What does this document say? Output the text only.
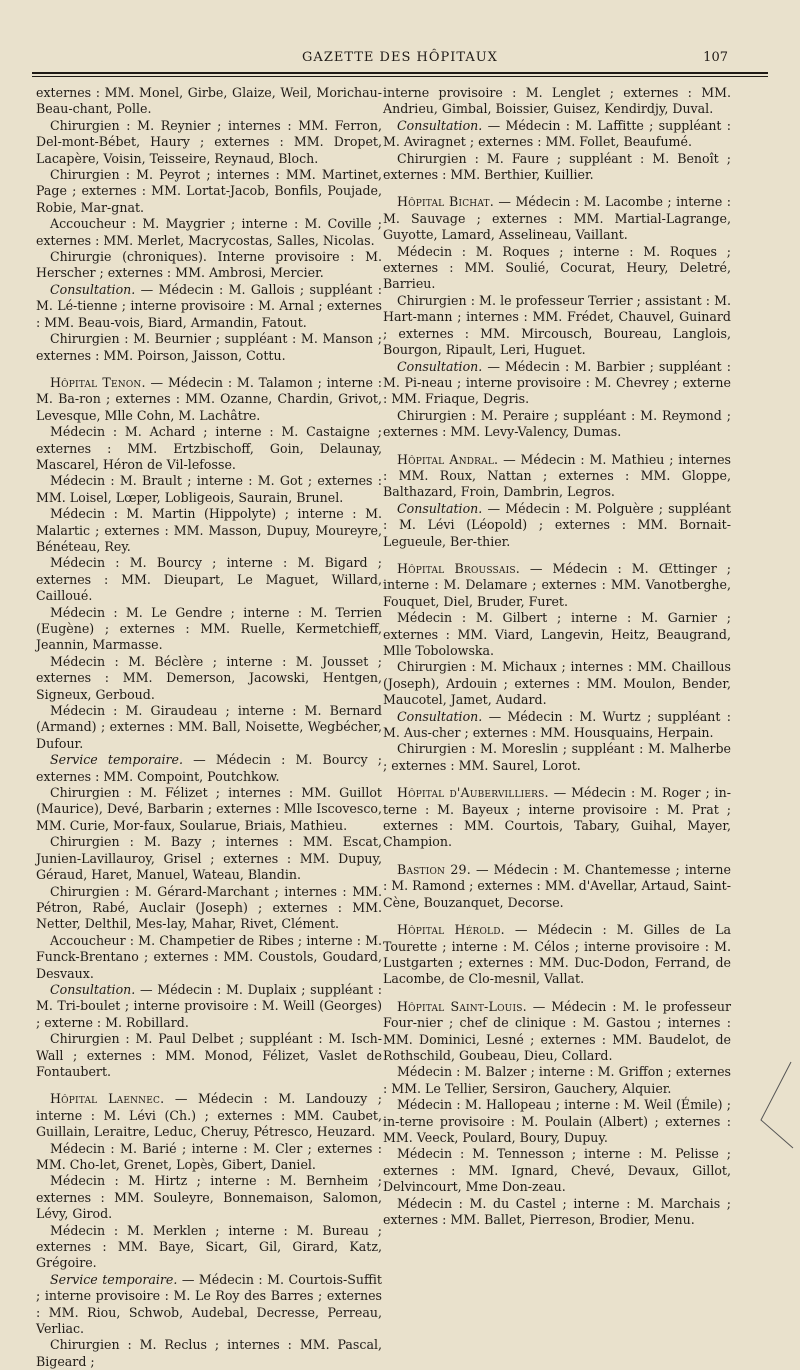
GAZETTE DES HÔPITAUX	107

externes : MM. Monel, Girbe, Glaize, Weil, Morichau-Beau-chant, Polle.

Chirurgien : M. Reynier ; internes : MM. Ferron, Del-mont-Bébet, Haury ; externes : MM. Dropet, Lacapère, Voisin, Teisseire, Reynaud, Bloch.

Chirurgien : M. Peyrot ; internes : MM. Martinet, Page ; externes : MM. Lortat-Jacob, Bonfils, Poujade, Robie, Mar-gnat.

Accoucheur : M. Maygrier ; interne : M. Coville ; externes : MM. Merlet, Macrycostas, Salles, Nicolas.

Chirurgie (chroniques). Interne provisoire : M. Herscher ; externes : MM. Ambrosi, Mercier.

Consultation. — Médecin : M. Gallois ; suppléant : M. Lé-tienne ; interne provisoire : M. Arnal ; externes : MM. Beau-vois, Biard, Armandin, Fatout.

Chirurgien : M. Beurnier ; suppléant : M. Manson ; externes : MM. Poirson, Jaisson, Cottu.

Hôpital Tenon. — Médecin : M. Talamon ; interne : M. Ba-ron ; externes : MM. Ozanne, Chardin, Grivot, Levesque, Mlle Cohn, M. Lachâtre.

Médecin : M. Achard ; interne : M. Castaigne ; externes : MM. Ertzbischoff, Goin, Delaunay, Mascarel, Héron de Vil-lefosse.

Médecin : M. Brault ; interne : M. Got ; externes : MM. Loisel, Lœper, Lobligeois, Saurain, Brunel.

Médecin : M. Martin (Hippolyte) ; interne : M. Malartic ; externes : MM. Masson, Dupuy, Moureyre, Bénéteau, Rey.

Médecin : M. Bourcy ; interne : M. Bigard ; externes : MM. Dieupart, Le Maguet, Willard, Cailloué.

Médecin : M. Le Gendre ; interne : M. Terrien (Eugène) ; externes : MM. Ruelle, Kermetchieff, Jeannin, Marmasse.

Médecin : M. Béclère ; interne : M. Jousset ; externes : MM. Demerson, Jacowski, Hentgen, Signeux, Gerboud.

Médecin : M. Giraudeau ; interne : M. Bernard (Armand) ; externes : MM. Ball, Noisette, Wegbécher, Dufour.

Service temporaire. — Médecin : M. Bourcy ; externes : MM. Compoint, Poutchkow.

Chirurgien : M. Félizet ; internes : MM. Guillot (Maurice), Devé, Barbarin ; externes : Mlle Iscovesco, MM. Curie, Mor-faux, Soularue, Briais, Mathieu.

Chirurgien : M. Bazy ; internes : MM. Escat, Junien-Lavillauroy, Grisel ; externes : MM. Dupuy, Géraud, Haret, Manuel, Wateau, Blandin.

Chirurgien : M. Gérard-Marchant ; internes : MM. Pétron, Rabé, Auclair (Joseph) ; externes : MM. Netter, Delthil, Mes-lay, Mahar, Rivet, Clément.

Accoucheur : M. Champetier de Ribes ; interne : M. Funck-Brentano ; externes : MM. Coustols, Goudard, Desvaux.

Consultation. — Médecin : M. Duplaix ; suppléant : M. Tri-boulet ; interne provisoire : M. Weill (Georges) ; externe : M. Robillard.

Chirurgien : M. Paul Delbet ; suppléant : M. Isch-Wall ; externes : MM. Monod, Félizet, Vaslet de Fontaubert.

Hôpital Laennec. — Médecin : M. Landouzy ; interne : M. Lévi (Ch.) ; externes : MM. Caubet, Guillain, Leraitre, Leduc, Cheruy, Pétresco, Heuzard.

Médecin : M. Barié ; interne : M. Cler ; externes : MM. Cho-let, Grenet, Lopès, Gibert, Daniel.

Médecin : M. Hirtz ; interne : M. Bernheim ; externes : MM. Souleyre, Bonnemaison, Salomon, Lévy, Girod.

Médecin : M. Merklen ; interne : M. Bureau ; externes : MM. Baye, Sicart, Gil, Girard, Katz, Grégoire.

Service temporaire. — Médecin : M. Courtois-Suffit ; interne provisoire : M. Le Roy des Barres ; externes : MM. Riou, Schwob, Audebal, Decresse, Perreau, Verliac.

Chirurgien : M. Reclus ; internes : MM. Pascal, Bigeard ;

interne provisoire : M. Lenglet ; externes : MM. Andrieu, Gimbal, Boissier, Guisez, Kendirdjy, Duval.

Consultation. — Médecin : M. Laffitte ; suppléant : M. Aviragnet ; externes : MM. Follet, Beaufumé.

Chirurgien : M. Faure ; suppléant : M. Benoît ; externes : MM. Berthier, Kuillier.

Hôpital Bichat. — Médecin : M. Lacombe ; interne : M. Sauvage ; externes : MM. Martial-Lagrange, Guyotte, Lamard, Asselineau, Vaillant.

Médecin : M. Roques ; interne : M. Roques ; externes : MM. Soulié, Cocurat, Heury, Deletré, Barrieu.

Chirurgien : M. le professeur Terrier ; assistant : M. Hart-mann ; internes : MM. Frédet, Chauvel, Guinard ; externes : MM. Mircousch, Boureau, Langlois, Bourgon, Ripault, Leri, Huguet.

Consultation. — Médecin : M. Barbier ; suppléant : M. Pi-neau ; interne provisoire : M. Chevrey ; externe : MM. Friaque, Degris.

Chirurgien : M. Peraire ; suppléant : M. Reymond ; externes : MM. Levy-Valency, Dumas.

Hôpital Andral. — Médecin : M. Mathieu ; internes : MM. Roux, Nattan ; externes : MM. Gloppe, Balthazard, Froin, Dambrin, Legros.

Consultation. — Médecin : M. Polguère ; suppléant : M. Lévi (Léopold) ; externes : MM. Bornait-Legueule, Ber-thier.

Hôpital Broussais. — Médecin : M. Œttinger ; interne : M. Delamare ; externes : MM. Vanotberghe, Fouquet, Diel, Bruder, Furet.

Médecin : M. Gilbert ; interne : M. Garnier ; externes : MM. Viard, Langevin, Heitz, Beaugrand, Mlle Tobolowska.

Chirurgien : M. Michaux ; internes : MM. Chaillous (Joseph), Ardouin ; externes : MM. Moulon, Bender, Maucotel, Jamet, Audard.

Consultation. — Médecin : M. Wurtz ; suppléant : M. Aus-cher ; externes : MM. Housquains, Herpain.

Chirurgien : M. Moreslin ; suppléant : M. Malherbe ; externes : MM. Saurel, Lorot.

Hôpital d'Aubervilliers. — Médecin : M. Roger ; in-terne : M. Bayeux ; interne provisoire : M. Prat ; externes : MM. Courtois, Tabary, Guihal, Mayer, Champion.

Bastion 29. — Médecin : M. Chantemesse ; interne : M. Ramond ; externes : MM. d'Avellar, Artaud, Saint-Cène, Bouzanquet, Decorse.

Hôpital Hérold. — Médecin : M. Gilles de La Tourette ; interne : M. Célos ; interne provisoire : M. Lustgarten ; externes : MM. Duc-Dodon, Ferrand, de Lacombe, de Clo-mesnil, Vallat.

Hôpital Saint-Louis. — Médecin : M. le professeur Four-nier ; chef de clinique : M. Gastou ; internes : MM. Dominici, Lesné ; externes : MM. Baudelot, de Rothschild, Goubeau, Dieu, Collard.

Médecin : M. Balzer ; interne : M. Griffon ; externes : MM. Le Tellier, Sersiron, Gauchery, Alquier.

Médecin : M. Hallopeau ; interne : M. Weil (Émile) ; in-terne provisoire : M. Poulain (Albert) ; externes : MM. Veeck, Poulard, Boury, Dupuy.

Médecin : M. Tennesson ; interne : M. Pelisse ; externes : MM. Ignard, Chevé, Devaux, Gillot, Delvincourt, Mme Don-zeau.

Médecin : M. du Castel ; interne : M. Marchais ; externes : MM. Ballet, Pierreson, Brodier, Menu.
